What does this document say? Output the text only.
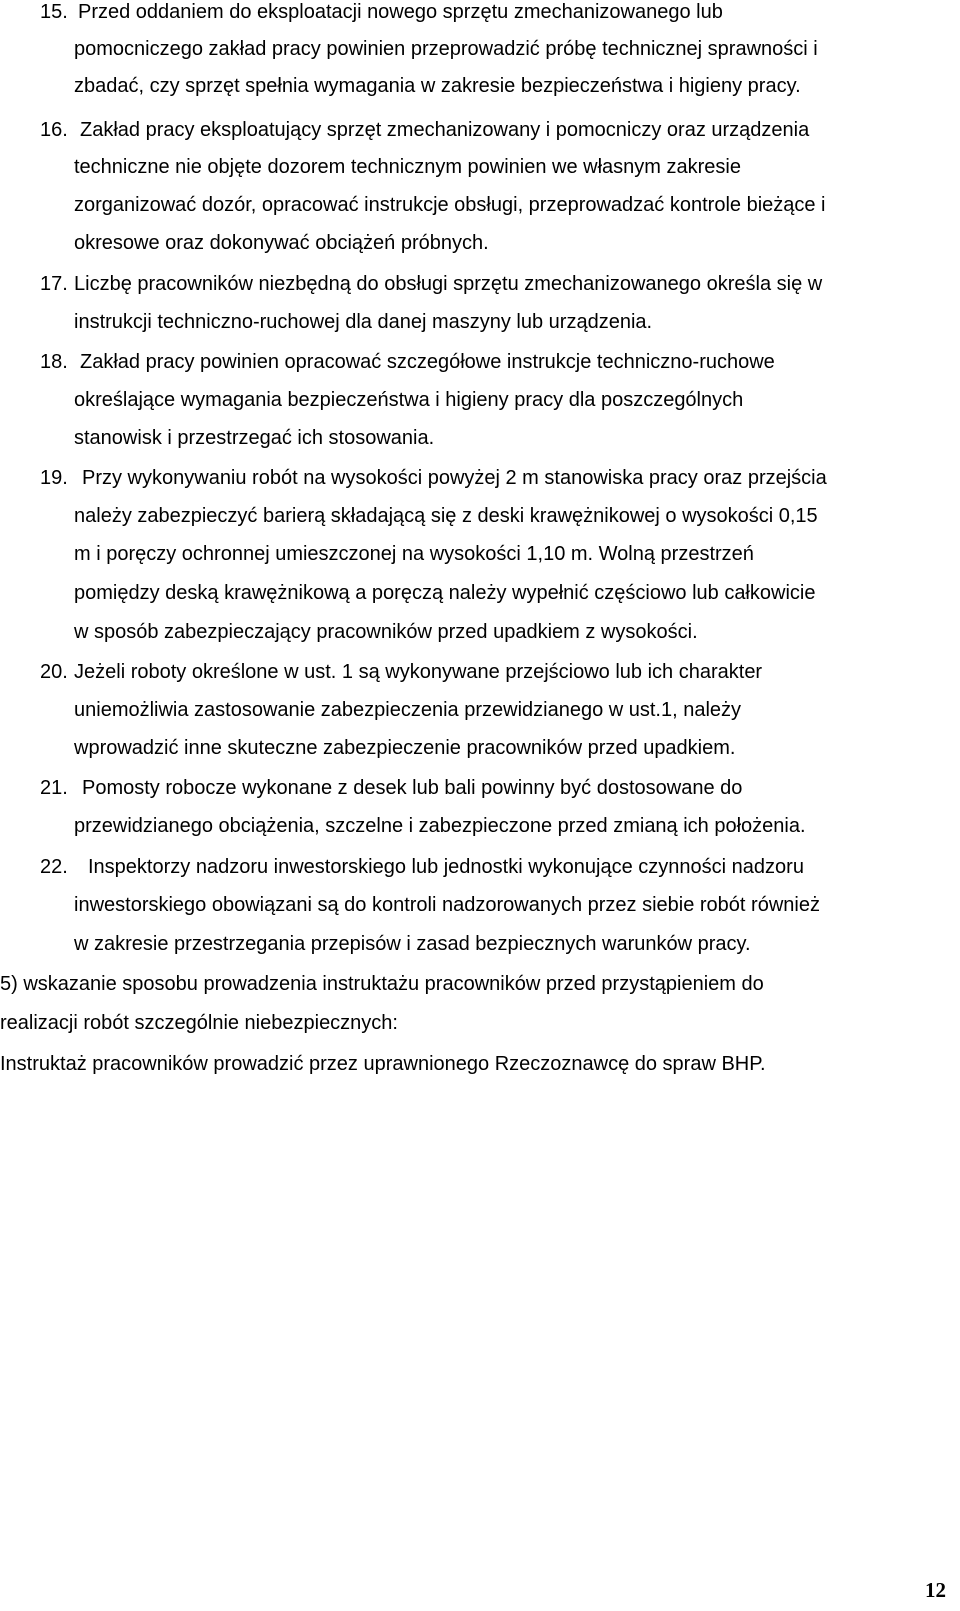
15. Przed oddaniem do eksploatacji nowego sprzętu zmechanizowanego lub
pomocniczego zakład pracy powinien przeprowadzić próbę technicznej sprawności i
zbadać, czy sprzęt spełnia wymagania w zakresie bezpieczeństwa i higieny pracy.
16. Zakład pracy eksploatujący sprzęt zmechanizowany i pomocniczy oraz urządzenia
techniczne nie objęte dozorem technicznym powinien we własnym zakresie
zorganizować dozór, opracować instrukcje obsługi, przeprowadzać kontrole bieżące i
okresowe oraz dokonywać obciążeń próbnych.
17. Liczbę pracowników niezbędną do obsługi sprzętu zmechanizowanego określa się w
instrukcji techniczno-ruchowej dla danej maszyny lub urządzenia.
18. Zakład pracy powinien opracować szczegółowe instrukcje techniczno-ruchowe
określające wymagania bezpieczeństwa i higieny pracy dla poszczególnych
stanowisk i przestrzegać ich stosowania.
19. Przy wykonywaniu robót na wysokości powyżej 2 m stanowiska pracy oraz przejścia
należy zabezpieczyć barierą składającą się z deski krawężnikowej o wysokości 0,15
m i poręczy ochronnej umieszczonej na wysokości 1,10 m. Wolną przestrzeń
pomiędzy deską krawężnikową a poręczą należy wypełnić częściowo lub całkowicie
w sposób zabezpieczający pracowników przed upadkiem z wysokości.
20. Jeżeli roboty określone w ust. 1 są wykonywane przejściowo lub ich charakter
uniemożliwia zastosowanie zabezpieczenia przewidzianego w ust.1, należy
wprowadzić inne skuteczne zabezpieczenie pracowników przed upadkiem.
21. Pomosty robocze wykonane z desek lub bali powinny być dostosowane do
przewidzianego obciążenia, szczelne i zabezpieczone przed zmianą ich położenia.
22. Inspektorzy nadzoru inwestorskiego lub jednostki wykonujące czynności nadzoru
inwestorskiego obowiązani są do kontroli nadzorowanych przez siebie robót również
w zakresie przestrzegania przepisów i zasad bezpiecznych warunków pracy.
5) wskazanie sposobu prowadzenia instruktażu pracowników przed przystąpieniem do
realizacji robót szczególnie niebezpiecznych:
Instruktaż pracowników prowadzić przez uprawnionego Rzeczoznawcę do spraw BHP.
12
